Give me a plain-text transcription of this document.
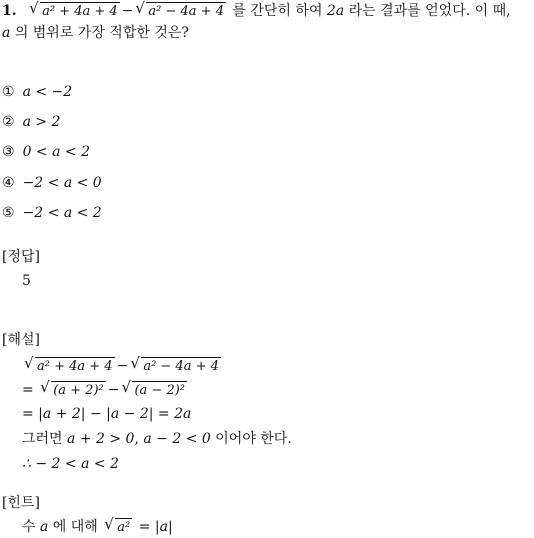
1. √ a² + 4a + 4 − √ a² − 4a + 4 를 간단히 하여 2a 라는 결과를 얻었다. 이 때,
a 의 범위로 가장 적합한 것은?
① a < −2
② a > 2
③ 0 < a < 2
④ −2 < a < 0
⑤ −2 < a < 2
[정답]
5
[해설]
√ a² + 4a + 4 − √ a² − 4a + 4
= √ (a + 2)² − √ (a − 2)²
= |a + 2| − |a − 2| = 2a
그러면 a + 2 > 0, a − 2 < 0 이어야 한다.
∴ − 2 < a < 2
[힌트]
수 a 에 대해 √ a² = |a|
